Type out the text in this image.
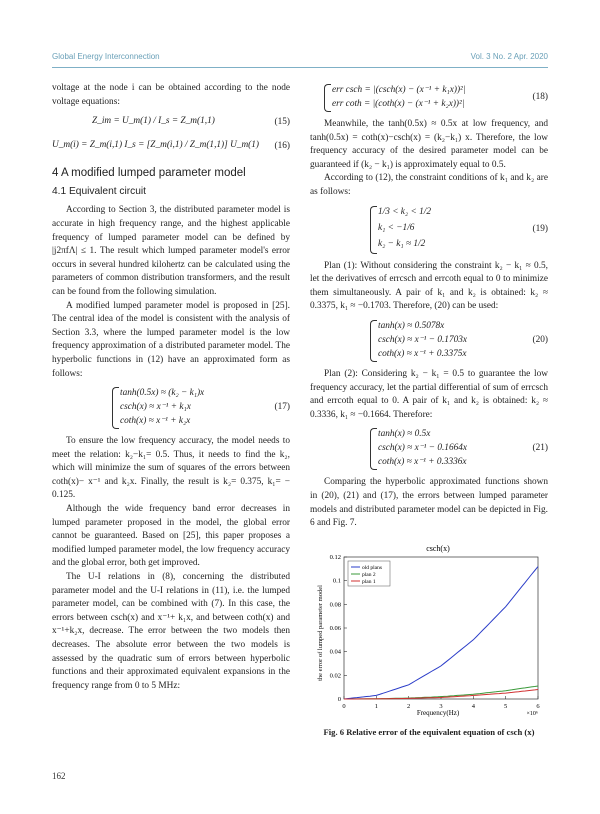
Global Energy Interconnection	Vol. 3 No. 2 Apr. 2020

voltage at the node i can be obtained according to the node voltage equations:

Z_im = U_m(1) / I_s = Z_m(1,1)	(15)
U_m(i) = Z_m(i,1) I_s = [Z_m(i,1) / Z_m(1,1)] U_m(1) (16)
4 A modified lumped parameter model
4.1 Equivalent circuit

According to Section 3, the distributed parameter model is accurate in high frequency range, and the highest applicable frequency of lumped parameter model can be defined by |j2πfΛ| ≤ 1. The result which lumped parameter model's error occurs in several hundred kilohertz can be calculated using the parameters of common distribution transformers, and the result can be found from the following simulation.

A modified lumped parameter model is proposed in [25]. The central idea of the model is consistent with the analysis of Section 3.3, where the lumped parameter model is the low frequency approximation of a distributed parameter model. The hyperbolic functions in (12) have an approximated form as follows:

tanh(0.5x) ≈ (k₂ − k₁)x
csch(x) ≈ x⁻¹ + k₁x
coth(x) ≈ x⁻¹ + k₂x
(17)

To ensure the low frequency accuracy, the model needs to meet the relation: k₂−k₁= 0.5. Thus, it needs to find the k₂, which will minimize the sum of squares of the errors between coth(x)− x⁻¹ and k₂x. Finally, the result is k₂= 0.375, k₁= − 0.125.

Although the wide frequency band error decreases in lumped parameter proposed in the model, the global error cannot be guaranteed. Based on [25], this paper proposes a modified lumped parameter model, the low frequency accuracy and the global error, both get improved.

The U-I relations in (8), concerning the distributed parameter model and the U-I relations in (11), i.e. the lumped parameter model, can be combined with (7). In this case, the errors between csch(x) and x⁻¹+ k₁x, and between coth(x) and x⁻¹+k₂x, decrease. The error between the two models then decreases. The absolute error between the two models is assessed by the quadratic sum of errors between hyperbolic functions and their approximated equivalent expansions in the frequency range from 0 to 5 MHz:

err csch = |(csch(x) − (x⁻¹ + k₁x))²|
err coth = |(coth(x) − (x⁻¹ + k₂x))²|
(18)

Meanwhile, the tanh(0.5x) ≈ 0.5x at low frequency, and tanh(0.5x) = coth(x)−csch(x) = (k₂−k₁) x. Therefore, the low frequency accuracy of the desired parameter model can be guaranteed if (k₂ − k₁) is approximately equal to 0.5.

According to (12), the constraint conditions of k₁ and k₂ are as follows:

1/3 < k₂ < 1/2
k₁ < −1/6
k₂ − k₁ ≈ 1/2
(19)

Plan (1): Without considering the constraint k₂ − k₁ ≈ 0.5, let the derivatives of errcsch and errcoth equal to 0 to minimize them simultaneously. A pair of k₁ and k₂ is obtained: k₂ ≈ 0.3375, k₁ ≈ −0.1703. Therefore, (20) can be used:

tanh(x) ≈ 0.5078x
csch(x) ≈ x⁻¹ − 0.1703x
coth(x) ≈ x⁻¹ + 0.3375x
(20)

Plan (2): Considering k₂ − k₁ = 0.5 to guarantee the low frequency accuracy, let the partial differential of sum of errcsch and errcoth equal to 0. A pair of k₁ and k₂ is obtained: k₂ ≈ 0.3336, k₁ ≈ −0.1664. Therefore:

tanh(x) ≈ 0.5x
csch(x) ≈ x⁻¹ − 0.1664x
coth(x) ≈ x⁻¹ + 0.3336x
(21)

Comparing the hyperbolic approximated functions shown in (20), (21) and (17), the errors between lumped parameter models and distributed parameter model can be depicted in Fig. 6 and Fig. 7.

csch(x)
the error of lumped parameter model
Frequency(Hz)	×10⁶
0	1	2	3	4	5	6
0
0.02
0.04
0.06
0.08
0.1
0.12
old plans
plan 2
plan 1
Fig. 6 Relative error of the equivalent equation of csch (x)
162
